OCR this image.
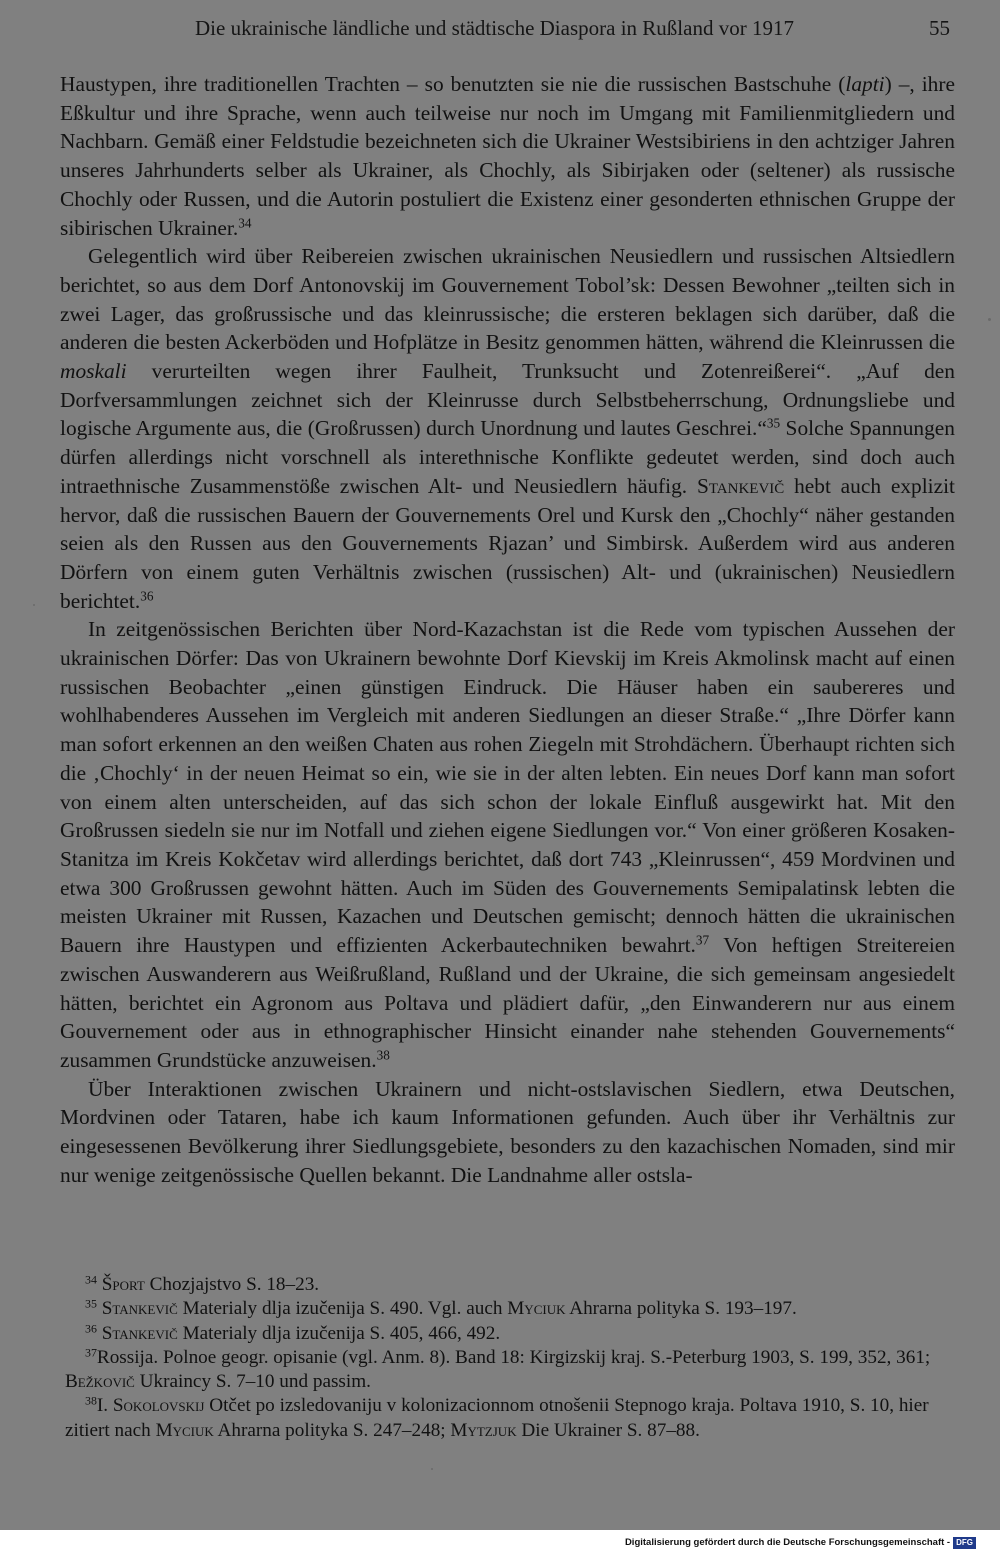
Die ukrainische ländliche und städtische Diaspora in Rußland vor 1917	55

Haustypen, ihre traditionellen Trachten – so benutzten sie nie die russischen Bastschuhe (lapti) –, ihre Eßkultur und ihre Sprache, wenn auch teilweise nur noch im Umgang mit Familienmitgliedern und Nachbarn. Gemäß einer Feldstudie bezeichneten sich die Ukrainer Westsibiriens in den achtziger Jahren unseres Jahrhunderts selber als Ukrainer, als Chochly, als Sibirjaken oder (seltener) als russische Chochly oder Russen, und die Autorin postuliert die Existenz einer gesonderten ethnischen Gruppe der sibirischen Ukrainer.$^{34}$

Gelegentlich wird über Reibereien zwischen ukrainischen Neusiedlern und russischen Altsiedlern berichtet, so aus dem Dorf Antonovskij im Gouvernement Tobol’sk: Dessen Bewohner „teilten sich in zwei Lager, das großrussische und das kleinrussische; die ersteren beklagen sich darüber, daß die anderen die besten Ackerböden und Hofplätze in Besitz genommen hätten, während die Kleinrussen die moskali verurteilten wegen ihrer Faulheit, Trunksucht und Zotenreißerei“. „Auf den Dorfversammlungen zeichnet sich der Kleinrusse durch Selbstbeherrschung, Ordnungsliebe und logische Argumente aus, die (Großrussen) durch Unordnung und lautes Geschrei.“$^{35}$ Solche Spannungen dürfen allerdings nicht vorschnell als interethnische Konflikte gedeutet werden, sind doch auch intraethnische Zusammenstöße zwischen Alt- und Neusiedlern häufig. Stankevič hebt auch explizit hervor, daß die russischen Bauern der Gouvernements Orel und Kursk den „Chochly“ näher gestanden seien als den Russen aus den Gouvernements Rjazan’ und Simbirsk. Außerdem wird aus anderen Dörfern von einem guten Verhältnis zwischen (russischen) Alt- und (ukrainischen) Neusiedlern berichtet.$^{36}$

In zeitgenössischen Berichten über Nord-Kazachstan ist die Rede vom typischen Aussehen der ukrainischen Dörfer: Das von Ukrainern bewohnte Dorf Kievskij im Kreis Akmolinsk macht auf einen russischen Beobachter „einen günstigen Eindruck. Die Häuser haben ein saubereres und wohlhabenderes Aussehen im Vergleich mit anderen Siedlungen an dieser Straße.“ „Ihre Dörfer kann man sofort erkennen an den weißen Chaten aus rohen Ziegeln mit Strohdächern. Überhaupt richten sich die ‚Chochly‘ in der neuen Heimat so ein, wie sie in der alten lebten. Ein neues Dorf kann man sofort von einem alten unterscheiden, auf das sich schon der lokale Einfluß ausgewirkt hat. Mit den Großrussen siedeln sie nur im Notfall und ziehen eigene Siedlungen vor.“ Von einer größeren Kosaken-Stanitza im Kreis Kokčetav wird allerdings berichtet, daß dort 743 „Kleinrussen“, 459 Mordvinen und etwa 300 Großrussen gewohnt hätten. Auch im Süden des Gouvernements Semipalatinsk lebten die meisten Ukrainer mit Russen, Kazachen und Deutschen gemischt; dennoch hätten die ukrainischen Bauern ihre Haustypen und effizienten Ackerbautechniken bewahrt.$^{37}$ Von heftigen Streitereien zwischen Auswanderern aus Weißrußland, Rußland und der Ukraine, die sich gemeinsam angesiedelt hätten, berichtet ein Agronom aus Poltava und plädiert dafür, „den Einwanderern nur aus einem Gouvernement oder aus in ethnographischer Hinsicht einander nahe stehenden Gouvernements“ zusammen Grundstücke anzuweisen.$^{38}$

Über Interaktionen zwischen Ukrainern und nicht-ostslavischen Siedlern, etwa Deutschen, Mordvinen oder Tataren, habe ich kaum Informationen gefunden. Auch über ihr Verhältnis zur eingesessenen Bevölkerung ihrer Siedlungsgebiete, besonders zu den kazachischen Nomaden, sind mir nur wenige zeitgenössische Quellen bekannt. Die Landnahme aller ostsla-

$^{34}$ Šport Chozjajstvo S. 18–23.

$^{35}$ Stankevič Materialy dlja izučenija S. 490. Vgl. auch Myciuk Ahrarna polityka S. 193–197.

$^{36}$ Stankevič Materialy dlja izučenija S. 405, 466, 492.

$^{37}$Rossija. Polnoe geogr. opisanie (vgl. Anm. 8). Band 18: Kirgizskij kraj. S.-Peterburg 1903, S. 199, 352, 361; Bežkovič Ukraincy S. 7–10 und passim.

$^{38}$I. Sokolovskij Otčet po izsledovaniju v kolonizacionnom otnošenii Stepnogo kraja. Poltava 1910, S. 10, hier zitiert nach Myciuk Ahrarna polityka S. 247–248; Mytzjuk Die Ukrainer S. 87–88.

Digitalisierung gefördert durch die Deutsche Forschungsgemeinschaft - DFG
